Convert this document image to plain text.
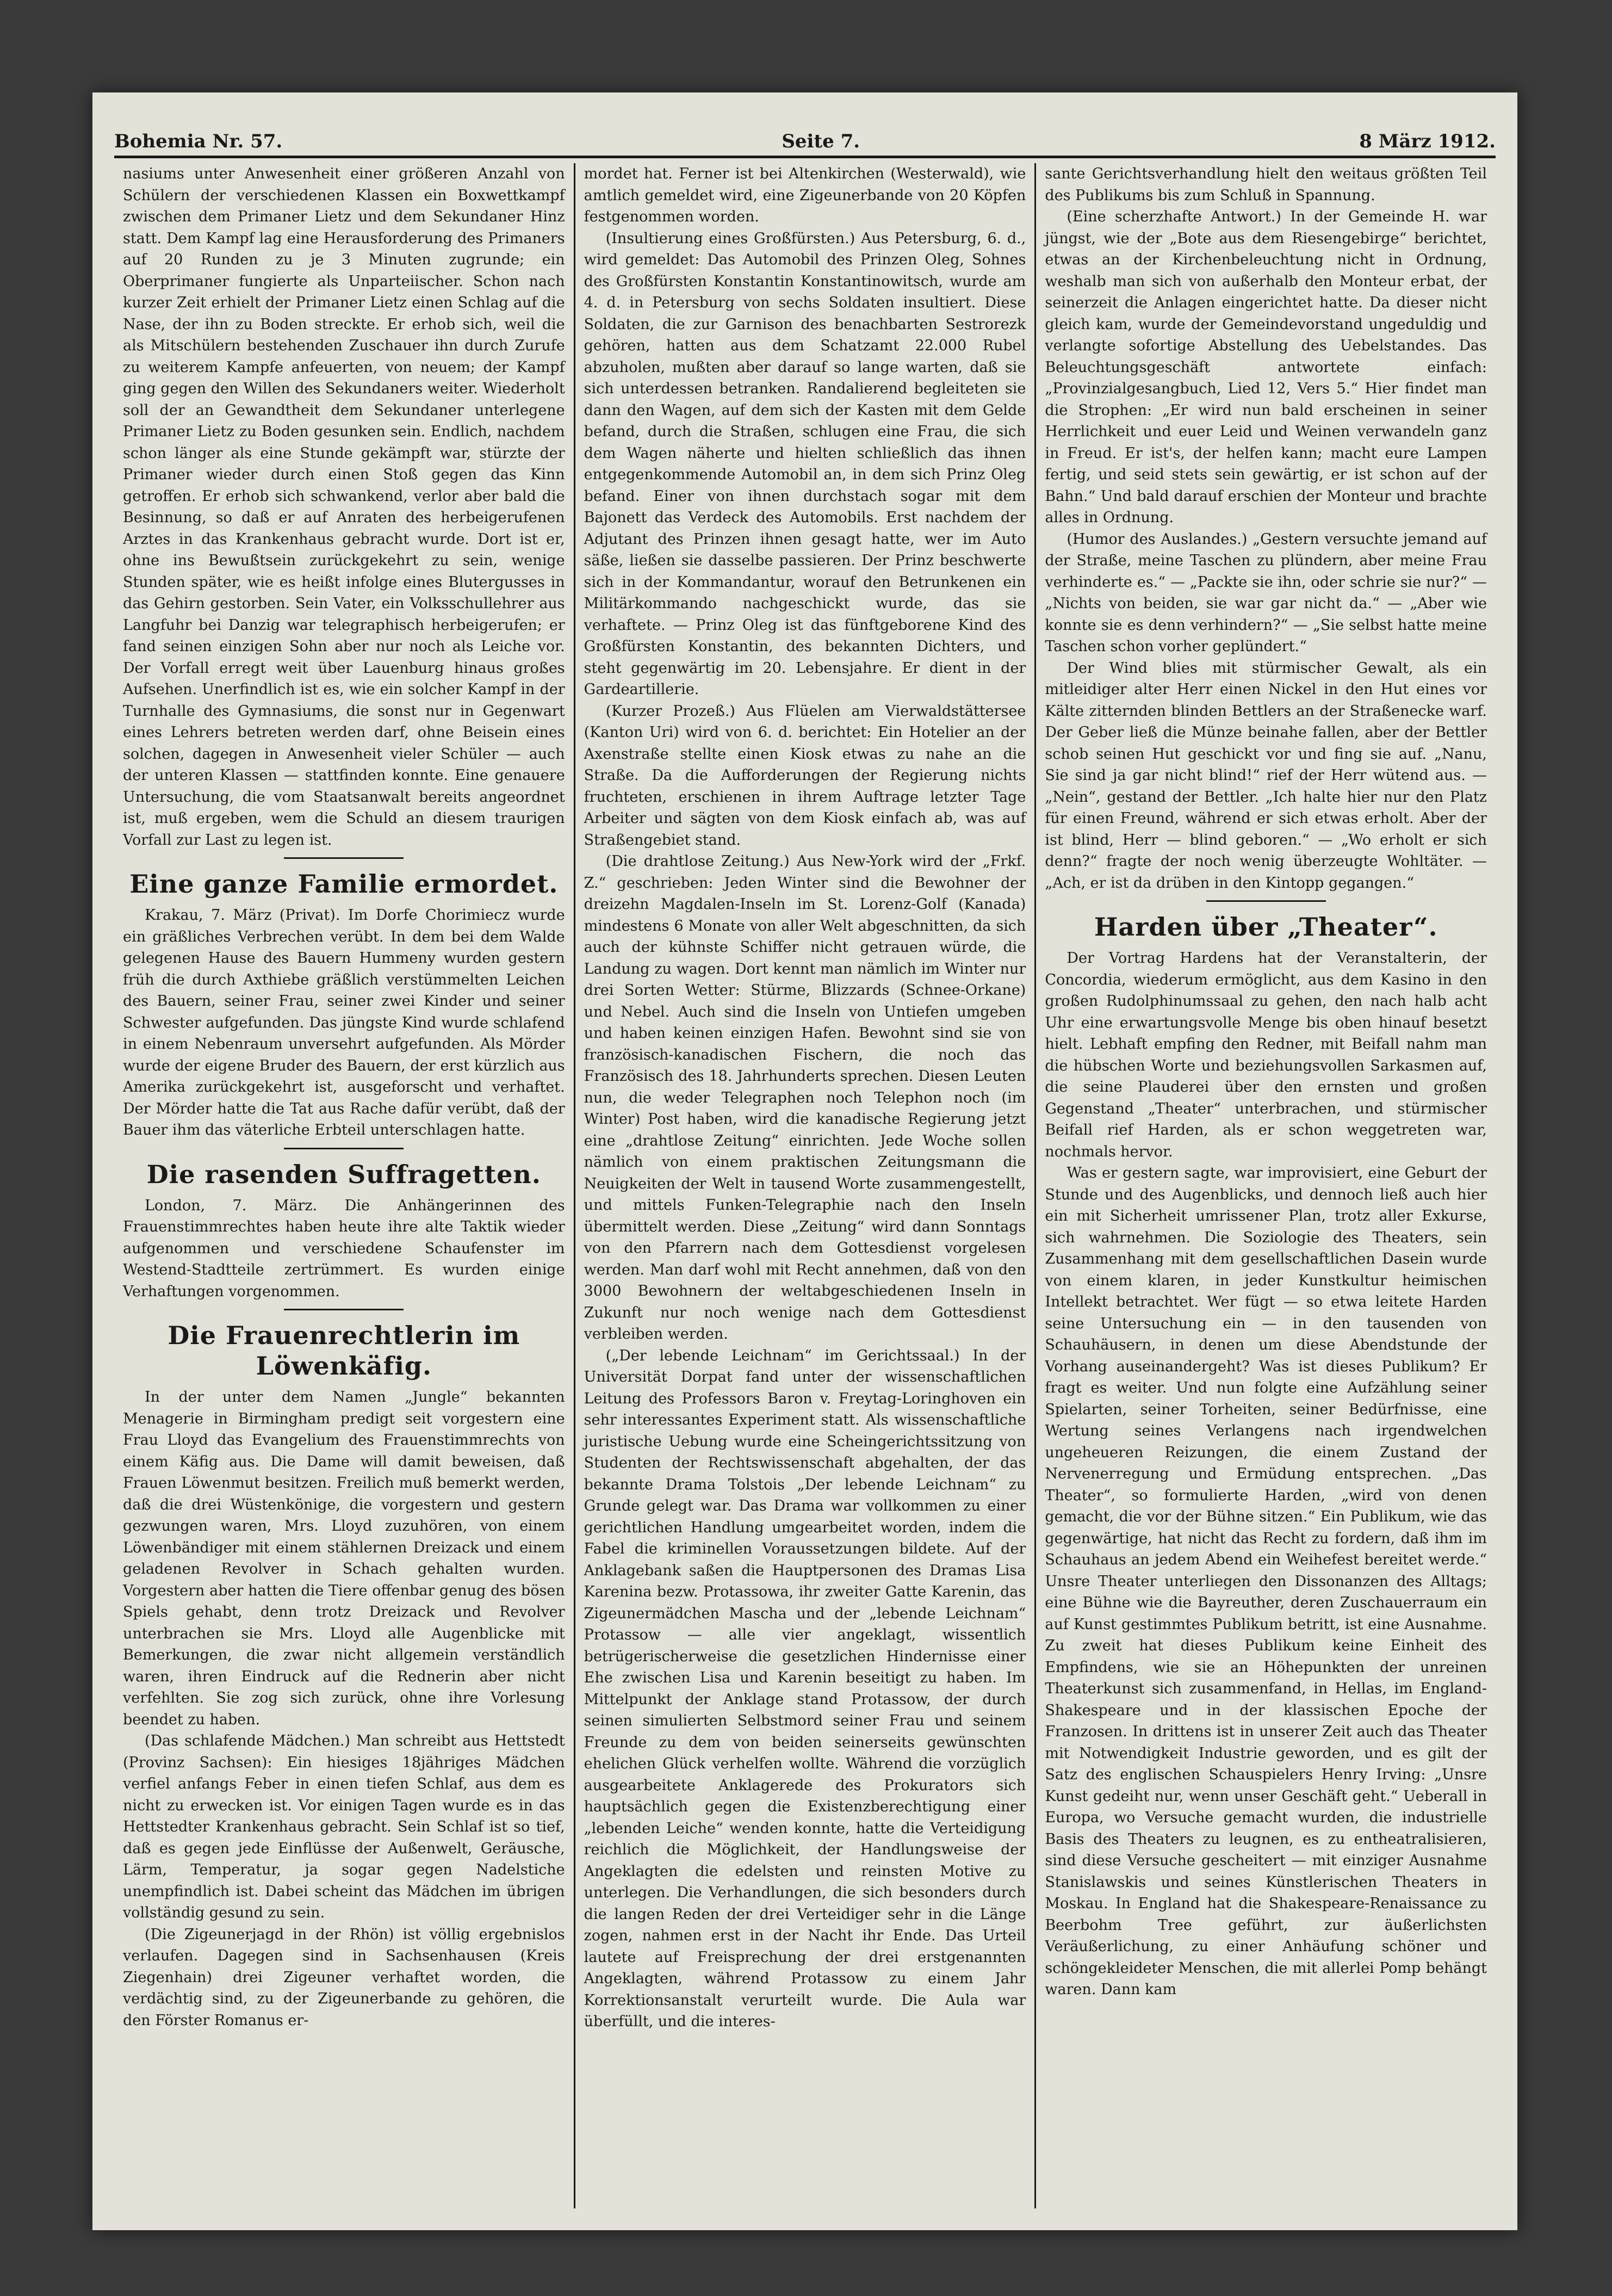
Bohemia Nr. 57.	Seite 7.	8 März 1912.

nasiums unter Anwesenheit einer größeren Anzahl von Schülern der verschiedenen Klassen ein Boxwettkampf zwischen dem Primaner Lietz und dem Sekundaner Hinz statt. Dem Kampf lag eine Herausforderung des Primaners auf 20 Runden zu je 3 Minuten zugrunde; ein Oberprimaner fungierte als Unparteiischer. Schon nach kurzer Zeit erhielt der Primaner Lietz einen Schlag auf die Nase, der ihn zu Boden streckte. Er erhob sich, weil die als Mitschülern bestehenden Zuschauer ihn durch Zurufe zu weiterem Kampfe anfeuerten, von neuem; der Kampf ging gegen den Willen des Sekundaners weiter. Wiederholt soll der an Gewandtheit dem Sekundaner unterlegene Primaner Lietz zu Boden gesunken sein. Endlich, nachdem schon länger als eine Stunde gekämpft war, stürzte der Primaner wieder durch einen Stoß gegen das Kinn getroffen. Er erhob sich schwankend, verlor aber bald die Besinnung, so daß er auf Anraten des herbeigerufenen Arztes in das Krankenhaus gebracht wurde. Dort ist er, ohne ins Bewußtsein zurückgekehrt zu sein, wenige Stunden später, wie es heißt infolge eines Blutergusses in das Gehirn gestorben. Sein Vater, ein Volksschullehrer aus Langfuhr bei Danzig war telegraphisch herbeigerufen; er fand seinen einzigen Sohn aber nur noch als Leiche vor. Der Vorfall erregt weit über Lauenburg hinaus großes Aufsehen. Unerfindlich ist es, wie ein solcher Kampf in der Turnhalle des Gymnasiums, die sonst nur in Gegenwart eines Lehrers betreten werden darf, ohne Beisein eines solchen, dagegen in Anwesenheit vieler Schüler — auch der unteren Klassen — stattfinden konnte. Eine genauere Untersuchung, die vom Staatsanwalt bereits angeordnet ist, muß ergeben, wem die Schuld an diesem traurigen Vorfall zur Last zu legen ist.

Eine ganze Familie ermordet.

Krakau, 7. März (Privat). Im Dorfe Chorimiecz wurde ein gräßliches Verbrechen verübt. In dem bei dem Walde gelegenen Hause des Bauern Hummeny wurden gestern früh die durch Axthiebe gräßlich verstümmelten Leichen des Bauern, seiner Frau, seiner zwei Kinder und seiner Schwester aufgefunden. Das jüngste Kind wurde schlafend in einem Nebenraum unversehrt aufgefunden. Als Mörder wurde der eigene Bruder des Bauern, der erst kürzlich aus Amerika zurückgekehrt ist, ausgeforscht und verhaftet. Der Mörder hatte die Tat aus Rache dafür verübt, daß der Bauer ihm das väterliche Erbteil unterschlagen hatte.

Die rasenden Suffragetten.

London, 7. März. Die Anhängerinnen des Frauenstimmrechtes haben heute ihre alte Taktik wieder aufgenommen und verschiedene Schaufenster im Westend-Stadtteile zertrümmert. Es wurden einige Verhaftungen vorgenommen.

Die Frauenrechtlerin im Löwenkäfig.

In der unter dem Namen „Jungle“ bekannten Menagerie in Birmingham predigt seit vorgestern eine Frau Lloyd das Evangelium des Frauenstimmrechts von einem Käfig aus. Die Dame will damit beweisen, daß Frauen Löwenmut besitzen. Freilich muß bemerkt werden, daß die drei Wüstenkönige, die vorgestern und gestern gezwungen waren, Mrs. Lloyd zuzuhören, von einem Löwenbändiger mit einem stählernen Dreizack und einem geladenen Revolver in Schach gehalten wurden. Vorgestern aber hatten die Tiere offenbar genug des bösen Spiels gehabt, denn trotz Dreizack und Revolver unterbrachen sie Mrs. Lloyd alle Augenblicke mit Bemerkungen, die zwar nicht allgemein verständlich waren, ihren Eindruck auf die Rednerin aber nicht verfehlten. Sie zog sich zurück, ohne ihre Vorlesung beendet zu haben.

(Das schlafende Mädchen.) Man schreibt aus Hettstedt (Provinz Sachsen): Ein hiesiges 18jähriges Mädchen verfiel anfangs Feber in einen tiefen Schlaf, aus dem es nicht zu erwecken ist. Vor einigen Tagen wurde es in das Hettstedter Krankenhaus gebracht. Sein Schlaf ist so tief, daß es gegen jede Einflüsse der Außenwelt, Geräusche, Lärm, Temperatur, ja sogar gegen Nadelstiche unempfindlich ist. Dabei scheint das Mädchen im übrigen vollständig gesund zu sein.

(Die Zigeunerjagd in der Rhön) ist völlig ergebnislos verlaufen. Dagegen sind in Sachsenhausen (Kreis Ziegenhain) drei Zigeuner verhaftet worden, die verdächtig sind, zu der Zigeunerbande zu gehören, die den Förster Romanus er-

mordet hat. Ferner ist bei Altenkirchen (Westerwald), wie amtlich gemeldet wird, eine Zigeunerbande von 20 Köpfen festgenommen worden.

(Insultierung eines Großfürsten.) Aus Petersburg, 6. d., wird gemeldet: Das Automobil des Prinzen Oleg, Sohnes des Großfürsten Konstantin Konstantinowitsch, wurde am 4. d. in Petersburg von sechs Soldaten insultiert. Diese Soldaten, die zur Garnison des benachbarten Sestrorezk gehören, hatten aus dem Schatzamt 22.000 Rubel abzuholen, mußten aber darauf so lange warten, daß sie sich unterdessen betranken. Randalierend begleiteten sie dann den Wagen, auf dem sich der Kasten mit dem Gelde befand, durch die Straßen, schlugen eine Frau, die sich dem Wagen näherte und hielten schließlich das ihnen entgegenkommende Automobil an, in dem sich Prinz Oleg befand. Einer von ihnen durchstach sogar mit dem Bajonett das Verdeck des Automobils. Erst nachdem der Adjutant des Prinzen ihnen gesagt hatte, wer im Auto säße, ließen sie dasselbe passieren. Der Prinz beschwerte sich in der Kommandantur, worauf den Betrunkenen ein Militärkommando nachgeschickt wurde, das sie verhaftete. — Prinz Oleg ist das fünftgeborene Kind des Großfürsten Konstantin, des bekannten Dichters, und steht gegenwärtig im 20. Lebensjahre. Er dient in der Gardeartillerie.

(Kurzer Prozeß.) Aus Flüelen am Vierwaldstättersee (Kanton Uri) wird von 6. d. berichtet: Ein Hotelier an der Axenstraße stellte einen Kiosk etwas zu nahe an die Straße. Da die Aufforderungen der Regierung nichts fruchteten, erschienen in ihrem Auftrage letzter Tage Arbeiter und sägten von dem Kiosk einfach ab, was auf Straßengebiet stand.

(Die drahtlose Zeitung.) Aus New-York wird der „Frkf. Z.“ geschrieben: Jeden Winter sind die Bewohner der dreizehn Magdalen-Inseln im St. Lorenz-Golf (Kanada) mindestens 6 Monate von aller Welt abgeschnitten, da sich auch der kühnste Schiffer nicht getrauen würde, die Landung zu wagen. Dort kennt man nämlich im Winter nur drei Sorten Wetter: Stürme, Blizzards (Schnee-Orkane) und Nebel. Auch sind die Inseln von Untiefen umgeben und haben keinen einzigen Hafen. Bewohnt sind sie von französisch-kanadischen Fischern, die noch das Französisch des 18. Jahrhunderts sprechen. Diesen Leuten nun, die weder Telegraphen noch Telephon noch (im Winter) Post haben, wird die kanadische Regierung jetzt eine „drahtlose Zeitung“ einrichten. Jede Woche sollen nämlich von einem praktischen Zeitungsmann die Neuigkeiten der Welt in tausend Worte zusammengestellt, und mittels Funken-Telegraphie nach den Inseln übermittelt werden. Diese „Zeitung“ wird dann Sonntags von den Pfarrern nach dem Gottesdienst vorgelesen werden. Man darf wohl mit Recht annehmen, daß von den 3000 Bewohnern der weltabgeschiedenen Inseln in Zukunft nur noch wenige nach dem Gottesdienst verbleiben werden.

(„Der lebende Leichnam“ im Gerichtssaal.) In der Universität Dorpat fand unter der wissenschaftlichen Leitung des Professors Baron v. Freytag-Loringhoven ein sehr interessantes Experiment statt. Als wissenschaftliche juristische Uebung wurde eine Scheingerichtssitzung von Studenten der Rechtswissenschaft abgehalten, der das bekannte Drama Tolstois „Der lebende Leichnam“ zu Grunde gelegt war. Das Drama war vollkommen zu einer gerichtlichen Handlung umgearbeitet worden, indem die Fabel die kriminellen Voraussetzungen bildete. Auf der Anklagebank saßen die Hauptpersonen des Dramas Lisa Karenina bezw. Protassowa, ihr zweiter Gatte Karenin, das Zigeunermädchen Mascha und der „lebende Leichnam“ Protassow — alle vier angeklagt, wissentlich betrügerischerweise die gesetzlichen Hindernisse einer Ehe zwischen Lisa und Karenin beseitigt zu haben. Im Mittelpunkt der Anklage stand Protassow, der durch seinen simulierten Selbstmord seiner Frau und seinem Freunde zu dem von beiden seinerseits gewünschten ehelichen Glück verhelfen wollte. Während die vorzüglich ausgearbeitete Anklagerede des Prokurators sich hauptsächlich gegen die Existenzberechtigung einer „lebenden Leiche“ wenden konnte, hatte die Verteidigung reichlich die Möglichkeit, der Handlungsweise der Angeklagten die edelsten und reinsten Motive zu unterlegen. Die Verhandlungen, die sich besonders durch die langen Reden der drei Verteidiger sehr in die Länge zogen, nahmen erst in der Nacht ihr Ende. Das Urteil lautete auf Freisprechung der drei erstgenannten Angeklagten, während Protassow zu einem Jahr Korrektionsanstalt verurteilt wurde. Die Aula war überfüllt, und die interes-

sante Gerichtsverhandlung hielt den weitaus größten Teil des Publikums bis zum Schluß in Spannung.

(Eine scherzhafte Antwort.) In der Gemeinde H. war jüngst, wie der „Bote aus dem Riesengebirge“ berichtet, etwas an der Kirchenbeleuchtung nicht in Ordnung, weshalb man sich von außerhalb den Monteur erbat, der seinerzeit die Anlagen eingerichtet hatte. Da dieser nicht gleich kam, wurde der Gemeindevorstand ungeduldig und verlangte sofortige Abstellung des Uebelstandes. Das Beleuchtungsgeschäft antwortete einfach: „Provinzialgesangbuch, Lied 12, Vers 5.“ Hier findet man die Strophen: „Er wird nun bald erscheinen in seiner Herrlichkeit und euer Leid und Weinen verwandeln ganz in Freud. Er ist's, der helfen kann; macht eure Lampen fertig, und seid stets sein gewärtig, er ist schon auf der Bahn.“ Und bald darauf erschien der Monteur und brachte alles in Ordnung.

(Humor des Auslandes.) „Gestern versuchte jemand auf der Straße, meine Taschen zu plündern, aber meine Frau verhinderte es.“ — „Packte sie ihn, oder schrie sie nur?“ — „Nichts von beiden, sie war gar nicht da.“ — „Aber wie konnte sie es denn verhindern?“ — „Sie selbst hatte meine Taschen schon vorher geplündert.“

Der Wind blies mit stürmischer Gewalt, als ein mitleidiger alter Herr einen Nickel in den Hut eines vor Kälte zitternden blinden Bettlers an der Straßenecke warf. Der Geber ließ die Münze beinahe fallen, aber der Bettler schob seinen Hut geschickt vor und fing sie auf. „Nanu, Sie sind ja gar nicht blind!“ rief der Herr wütend aus. — „Nein“, gestand der Bettler. „Ich halte hier nur den Platz für einen Freund, während er sich etwas erholt. Aber der ist blind, Herr — blind geboren.“ — „Wo erholt er sich denn?“ fragte der noch wenig überzeugte Wohltäter. — „Ach, er ist da drüben in den Kintopp gegangen.“

Harden über „Theater“.

Der Vortrag Hardens hat der Veranstalterin, der Concordia, wiederum ermöglicht, aus dem Kasino in den großen Rudolphinumssaal zu gehen, den nach halb acht Uhr eine erwartungsvolle Menge bis oben hinauf besetzt hielt. Lebhaft empfing den Redner, mit Beifall nahm man die hübschen Worte und beziehungsvollen Sarkasmen auf, die seine Plauderei über den ernsten und großen Gegenstand „Theater“ unterbrachen, und stürmischer Beifall rief Harden, als er schon weggetreten war, nochmals hervor.

Was er gestern sagte, war improvisiert, eine Geburt der Stunde und des Augenblicks, und dennoch ließ auch hier ein mit Sicherheit umrissener Plan, trotz aller Exkurse, sich wahrnehmen. Die Soziologie des Theaters, sein Zusammenhang mit dem gesellschaftlichen Dasein wurde von einem klaren, in jeder Kunstkultur heimischen Intellekt betrachtet. Wer fügt — so etwa leitete Harden seine Untersuchung ein — in den tausenden von Schauhäusern, in denen um diese Abendstunde der Vorhang auseinandergeht? Was ist dieses Publikum? Er fragt es weiter. Und nun folgte eine Aufzählung seiner Spielarten, seiner Torheiten, seiner Bedürfnisse, eine Wertung seines Verlangens nach irgendwelchen ungeheueren Reizungen, die einem Zustand der Nervenerregung und Ermüdung entsprechen. „Das Theater“, so formulierte Harden, „wird von denen gemacht, die vor der Bühne sitzen.“ Ein Publikum, wie das gegenwärtige, hat nicht das Recht zu fordern, daß ihm im Schauhaus an jedem Abend ein Weihefest bereitet werde.“ Unsre Theater unterliegen den Dissonanzen des Alltags; eine Bühne wie die Bayreuther, deren Zuschauerraum ein auf Kunst gestimmtes Publikum betritt, ist eine Ausnahme. Zu zweit hat dieses Publikum keine Einheit des Empfindens, wie sie an Höhepunkten der unreinen Theaterkunst sich zusammenfand, in Hellas, im England-Shakespeare und in der klassischen Epoche der Franzosen. In drittens ist in unserer Zeit auch das Theater mit Notwendigkeit Industrie geworden, und es gilt der Satz des englischen Schauspielers Henry Irving: „Unsre Kunst gedeiht nur, wenn unser Geschäft geht.“ Ueberall in Europa, wo Versuche gemacht wurden, die industrielle Basis des Theaters zu leugnen, es zu entheatralisieren, sind diese Versuche gescheitert — mit einziger Ausnahme Stanislawskis und seines Künstlerischen Theaters in Moskau. In England hat die Shakespeare-Renaissance zu Beerbohm Tree geführt, zur äußerlichsten Veräußerlichung, zu einer Anhäufung schöner und schöngekleideter Menschen, die mit allerlei Pomp behängt waren. Dann kam
